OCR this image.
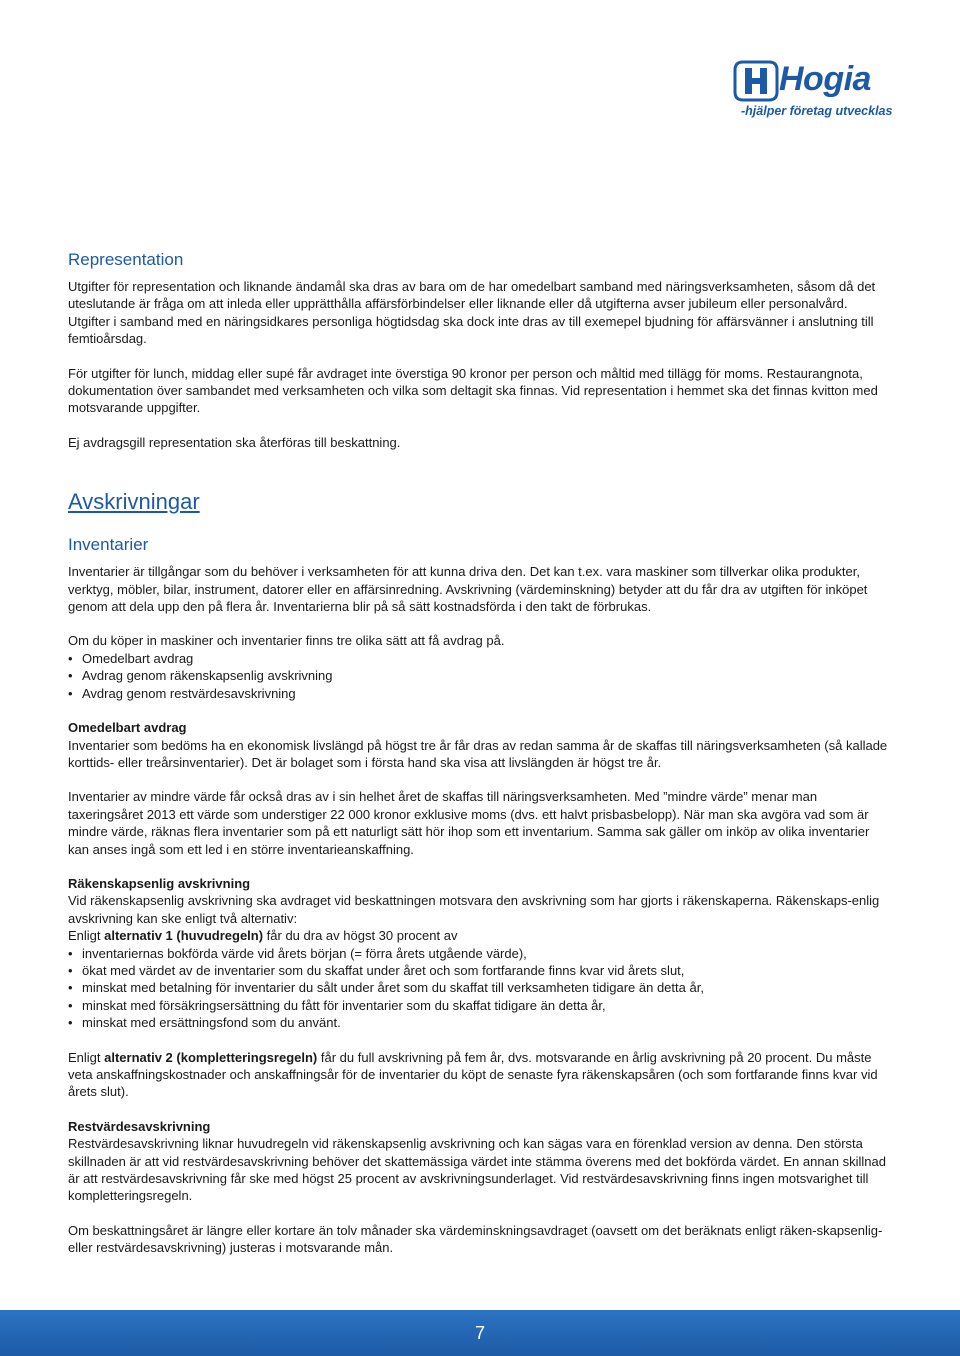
Hogia
-hjälper företag utvecklas
Representation

Utgifter för representation och liknande ändamål ska dras av bara om de har omedelbart samband med näringsverksamheten, såsom då det uteslutande är fråga om att inleda eller upprätthålla affärsförbindelser eller liknande eller då utgifterna avser jubileum eller personalvård. Utgifter i samband med en näringsidkares personliga högtidsdag ska dock inte dras av till exemepel bjudning för affärsvänner i anslutning till femtioårsdag.

För utgifter för lunch, middag eller supé får avdraget inte överstiga 90 kronor per person och måltid med tillägg för moms. Restaurangnota, dokumentation över sambandet med verksamheten och vilka som deltagit ska finnas. Vid representation i hemmet ska det finnas kvitton med motsvarande uppgifter.

Ej avdragsgill representation ska återföras till beskattning.

Avskrivningar
Inventarier

Inventarier är tillgångar som du behöver i verksamheten för att kunna driva den. Det kan t.ex. vara maskiner som tillverkar olika produkter, verktyg, möbler, bilar, instrument, datorer eller en affärsinredning. Avskrivning (värdeminskning) betyder att du får dra av utgiften för inköpet genom att dela upp den på flera år. Inventarierna blir på så sätt kostnadsförda i den takt de förbrukas.

Om du köper in maskiner och inventarier finns tre olika sätt att få avdrag på.

• Omedelbart avdrag
• Avdrag genom räkenskapsenlig avskrivning
• Avdrag genom restvärdesavskrivning

Omedelbart avdrag

Inventarier som bedöms ha en ekonomisk livslängd på högst tre år får dras av redan samma år de skaffas till näringsverksamheten (så kallade korttids- eller treårsinventarier). Det är bolaget som i första hand ska visa att livslängden är högst tre år.

Inventarier av mindre värde får också dras av i sin helhet året de skaffas till näringsverksamheten. Med ”mindre värde” menar man taxeringsåret 2013 ett värde som understiger 22 000 kronor exklusive moms (dvs. ett halvt prisbasbelopp). När man ska avgöra vad som är mindre värde, räknas flera inventarier som på ett naturligt sätt hör ihop som ett inventarium. Samma sak gäller om inköp av olika inventarier kan anses ingå som ett led i en större inventarieanskaffning.

Räkenskapsenlig avskrivning

Vid räkenskapsenlig avskrivning ska avdraget vid beskattningen motsvara den avskrivning som har gjorts i räkenskaperna. Räkenskaps-enlig avskrivning kan ske enligt två alternativ:

Enligt alternativ 1 (huvudregeln) får du dra av högst 30 procent av

• inventariernas bokförda värde vid årets början (= förra årets utgående värde),
• ökat med värdet av de inventarier som du skaffat under året och som fortfarande finns kvar vid årets slut,
• minskat med betalning för inventarier du sålt under året som du skaffat till verksamheten tidigare än detta år,
• minskat med försäkringsersättning du fått för inventarier som du skaffat tidigare än detta år,
• minskat med ersättningsfond som du använt.

Enligt alternativ 2 (kompletteringsregeln) får du full avskrivning på fem år, dvs. motsvarande en årlig avskrivning på 20 procent. Du måste veta anskaffningskostnader och anskaffningsår för de inventarier du köpt de senaste fyra räkenskapsåren (och som fortfarande finns kvar vid årets slut).

Restvärdesavskrivning

Restvärdesavskrivning liknar huvudregeln vid räkenskapsenlig avskrivning och kan sägas vara en förenklad version av denna. Den största skillnaden är att vid restvärdesavskrivning behöver det skattemässiga värdet inte stämma överens med det bokförda värdet. En annan skillnad är att restvärdesavskrivning får ske med högst 25 procent av avskrivningsunderlaget. Vid restvärdesavskrivning finns ingen motsvarighet till kompletteringsregeln.

Om beskattningsåret är längre eller kortare än tolv månader ska värdeminskningsavdraget (oavsett om det beräknats enligt räken-skapsenlig- eller restvärdesavskrivning) justeras i motsvarande mån.

7
